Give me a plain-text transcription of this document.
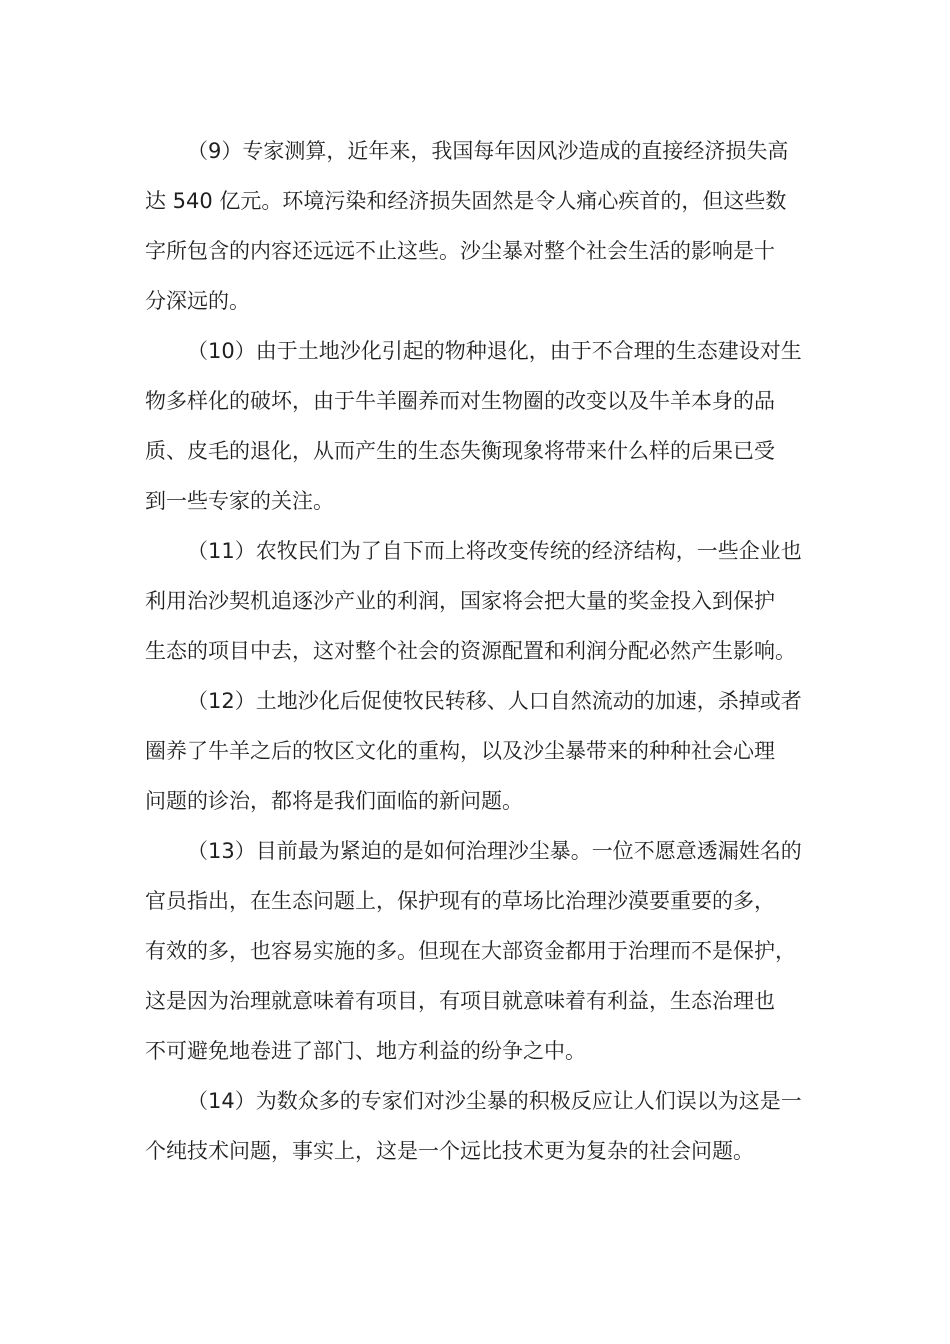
（9）专家测算，近年来，我国每年因风沙造成的直接经济损失高
达 540 亿元。环境污染和经济损失固然是令人痛心疾首的，但这些数
字所包含的内容还远远不止这些。沙尘暴对整个社会生活的影响是十
分深远的。

（10）由于土地沙化引起的物种退化，由于不合理的生态建设对生
物多样化的破坏，由于牛羊圈养而对生物圈的改变以及牛羊本身的品
质、皮毛的退化，从而产生的生态失衡现象将带来什么样的后果已受
到一些专家的关注。

（11）农牧民们为了自下而上将改变传统的经济结构，一些企业也
利用治沙契机追逐沙产业的利润，国家将会把大量的奖金投入到保护
生态的项目中去，这对整个社会的资源配置和利润分配必然产生影响。

（12）土地沙化后促使牧民转移、人口自然流动的加速，杀掉或者
圈养了牛羊之后的牧区文化的重构，以及沙尘暴带来的种种社会心理
问题的诊治，都将是我们面临的新问题。

（13）目前最为紧迫的是如何治理沙尘暴。一位不愿意透漏姓名的
官员指出，在生态问题上，保护现有的草场比治理沙漠要重要的多，
有效的多，也容易实施的多。但现在大部资金都用于治理而不是保护，
这是因为治理就意味着有项目，有项目就意味着有利益，生态治理也
不可避免地卷进了部门、地方利益的纷争之中。

（14）为数众多的专家们对沙尘暴的积极反应让人们误以为这是一
个纯技术问题，事实上，这是一个远比技术更为复杂的社会问题。
